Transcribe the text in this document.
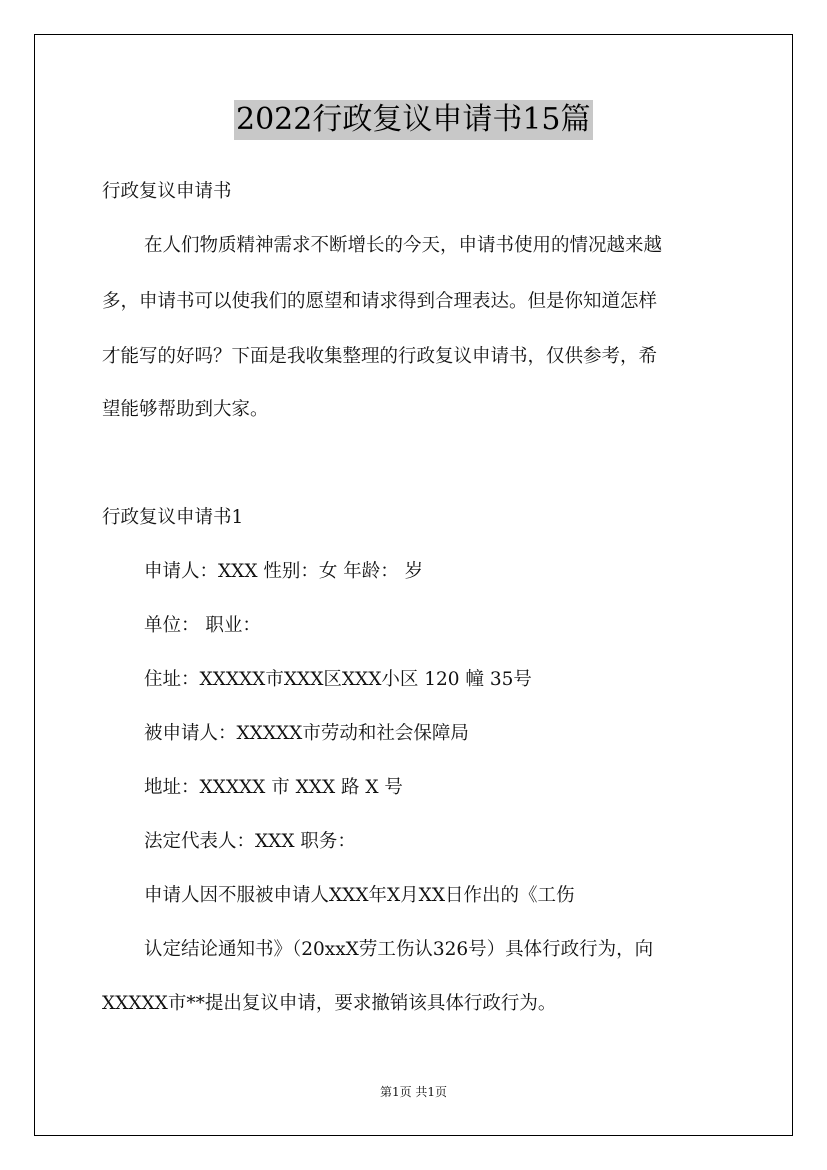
2022行政复议申请书15篇
行政复议申请书
在人们物质精神需求不断增长的今天，申请书使用的情况越来越
多，申请书可以使我们的愿望和请求得到合理表达。但是你知道怎样
才能写的好吗？下面是我收集整理的行政复议申请书，仅供参考，希
望能够帮助到大家。
行政复议申请书1
申请人：XXX 性别：女 年龄： 岁
单位： 职业：
住址：XXXXX市XXX区XXX小区 120 幢 35号
被申请人：XXXXX市劳动和社会保障局
地址：XXXXX 市 XXX 路 X 号
法定代表人：XXX 职务：
申请人因不服被申请人XXX年X月XX日作出的《工伤
认定结论通知书》（20xxX劳工伤认326号）具体行政行为，向
XXXXX市**提出复议申请，要求撤销该具体行政行为。
第1页 共1页
